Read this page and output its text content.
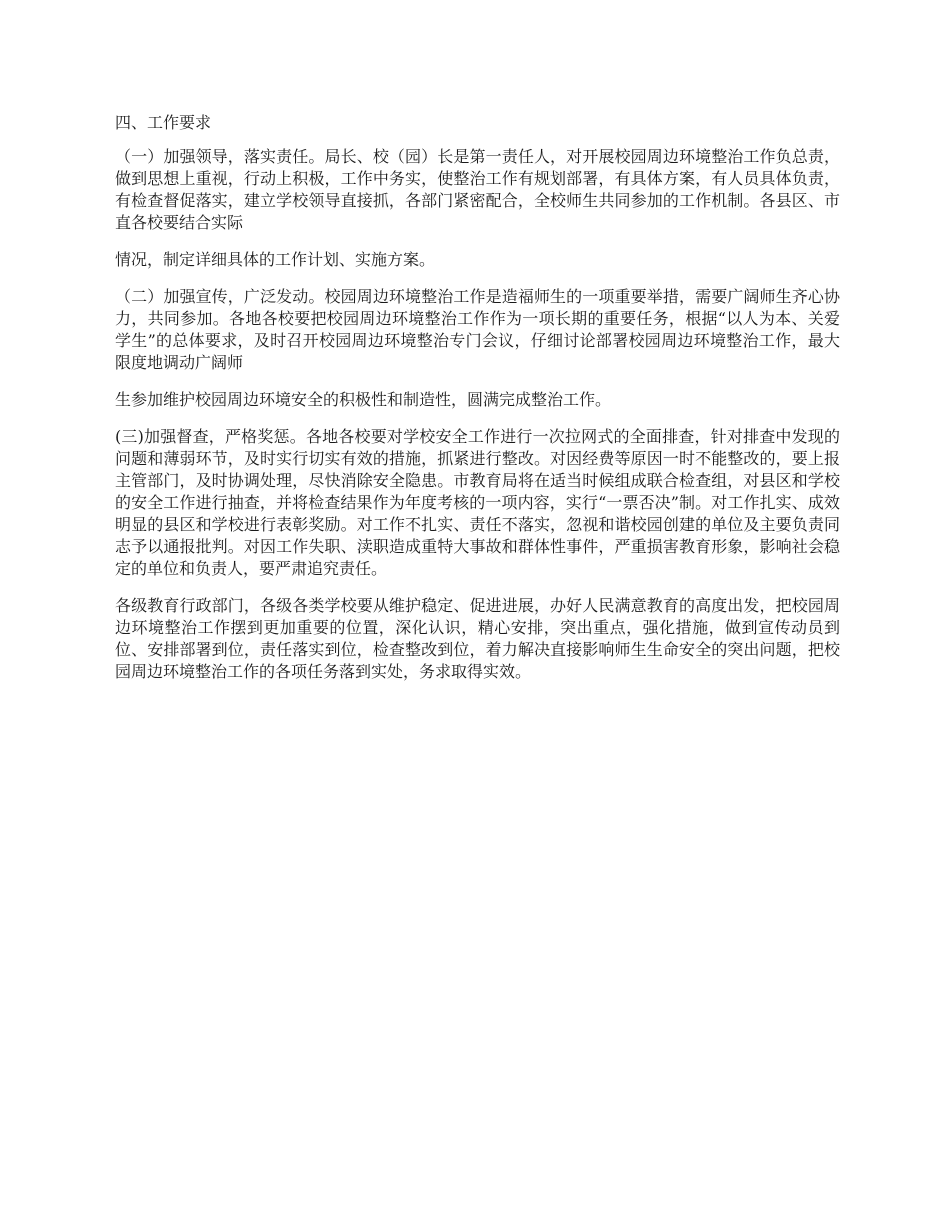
四、工作要求

（一）加强领导，落实责任。局长、校（园）长是第一责任人，对开展校园周边环境整治工作负总责，做到思想上重视，行动上积极，工作中务实，使整治工作有规划部署，有具体方案，有人员具体负责，有检查督促落实，建立学校领导直接抓，各部门紧密配合，全校师生共同参加的工作机制。各县区、市直各校要结合实际

情况，制定详细具体的工作计划、实施方案。

（二）加强宣传，广泛发动。校园周边环境整治工作是造福师生的一项重要举措，需要广阔师生齐心协力，共同参加。各地各校要把校园周边环境整治工作作为一项长期的重要任务，根据“以人为本、关爱学生”的总体要求，及时召开校园周边环境整治专门会议，仔细讨论部署校园周边环境整治工作，最大限度地调动广阔师

生参加维护校园周边环境安全的积极性和制造性，圆满完成整治工作。

(三)加强督查，严格奖惩。各地各校要对学校安全工作进行一次拉网式的全面排查，针对排查中发现的问题和薄弱环节，及时实行切实有效的措施，抓紧进行整改。对因经费等原因一时不能整改的，要上报主管部门，及时协调处理，尽快消除安全隐患。市教育局将在适当时候组成联合检查组，对县区和学校的安全工作进行抽查，并将检查结果作为年度考核的一项内容，实行“一票否决”制。对工作扎实、成效明显的县区和学校进行表彰奖励。对工作不扎实、责任不落实，忽视和谐校园创建的单位及主要负责同志予以通报批判。对因工作失职、渎职造成重特大事故和群体性事件，严重损害教育形象，影响社会稳定的单位和负责人，要严肃追究责任。

各级教育行政部门，各级各类学校要从维护稳定、促进进展，办好人民满意教育的高度出发，把校园周边环境整治工作摆到更加重要的位置，深化认识，精心安排，突出重点，强化措施，做到宣传动员到位、安排部署到位，责任落实到位，检查整改到位，着力解决直接影响师生生命安全的突出问题，把校园周边环境整治工作的各项任务落到实处，务求取得实效。
